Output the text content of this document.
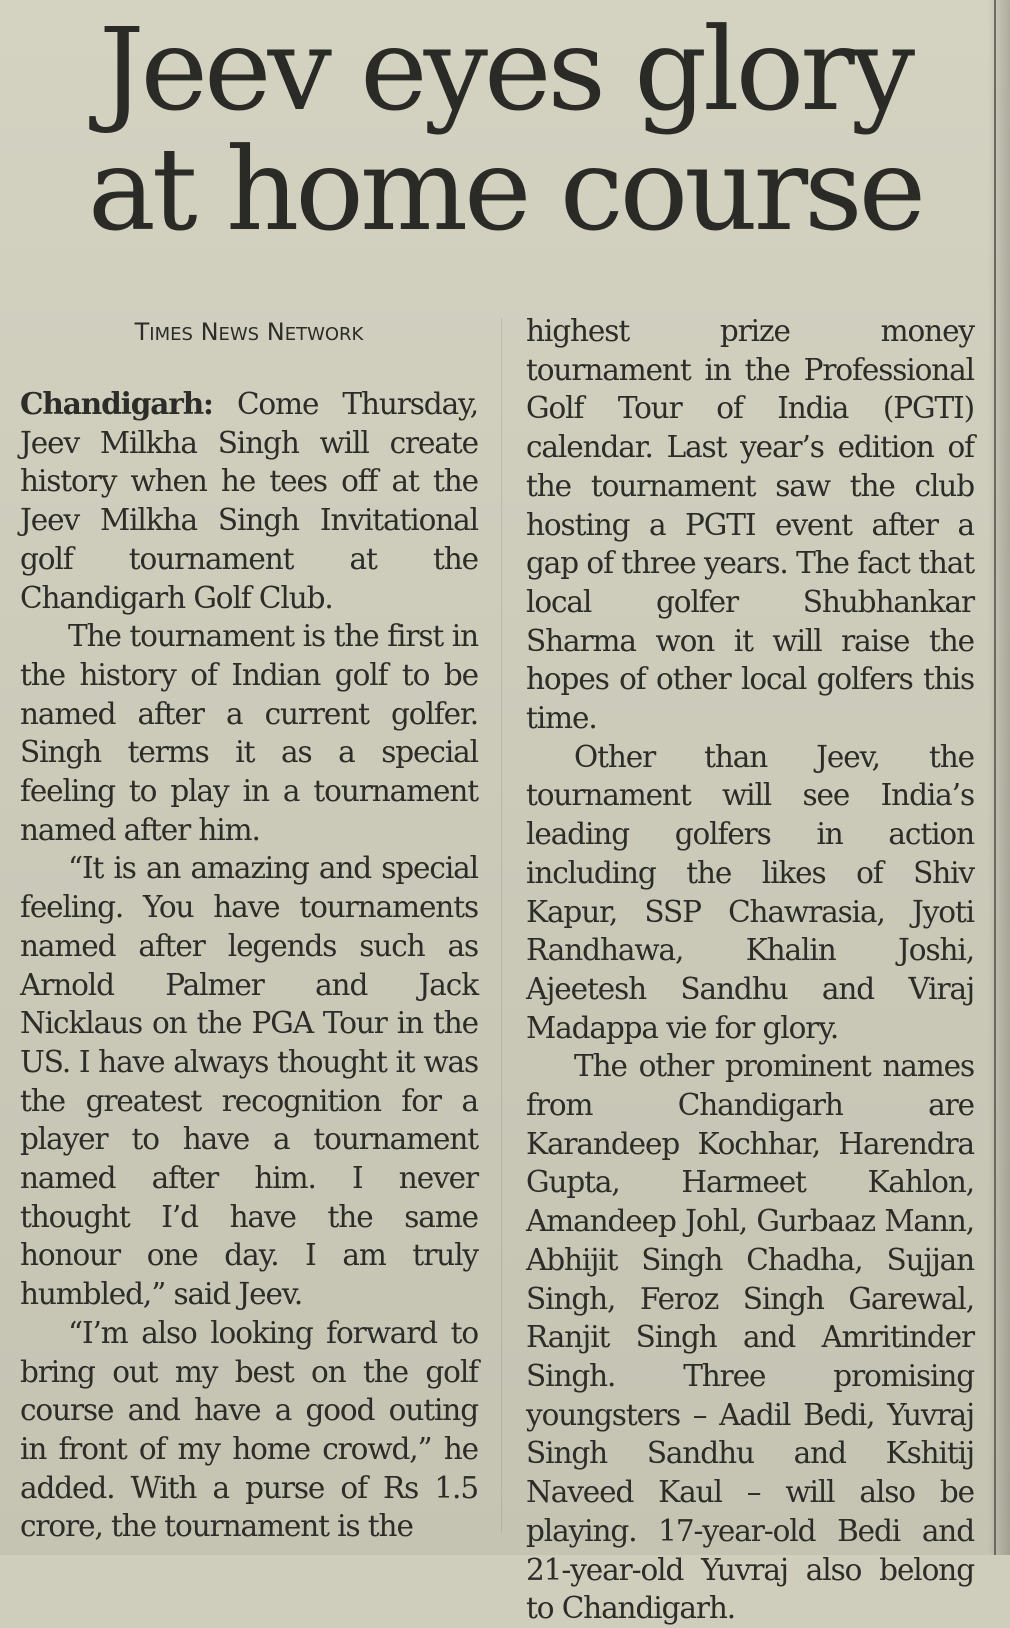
Jeev eyes glory at home course
TIMES NEWS NETWORK

Chandigarh: Come Thursday, Jeev Milkha Singh will create history when he tees off at the Jeev Milkha Singh Invitational golf tournament at the Chandigarh Golf Club.

The tournament is the first in the history of Indian golf to be named after a current golfer. Singh terms it as a special feeling to play in a tournament named after him.

“It is an amazing and special feeling. You have tournaments named after legends such as Arnold Palmer and Jack Nicklaus on the PGA Tour in the US. I have always thought it was the greatest recognition for a player to have a tournament named after him. I never thought I’d have the same honour one day. I am truly humbled,” said Jeev.

“I’m also looking forward to bring out my best on the golf course and have a good outing in front of my home crowd,” he added. With a purse of Rs 1.5 crore, the tournament is the

highest prize money tournament in the Professional Golf Tour of India (PGTI) calendar. Last year’s edition of the tournament saw the club hosting a PGTI event after a gap of three years. The fact that local golfer Shubhankar Sharma won it will raise the hopes of other local golfers this time.

Other than Jeev, the tournament will see India’s leading golfers in action including the likes of Shiv Kapur, SSP Chawrasia, Jyoti Randhawa, Khalin Joshi, Ajeetesh Sandhu and Viraj Madappa vie for glory.

The other prominent names from Chandigarh are Karandeep Kochhar, Harendra Gupta, Harmeet Kahlon, Amandeep Johl, Gurbaaz Mann, Abhijit Singh Chadha, Sujjan Singh, Feroz Singh Garewal, Ranjit Singh and Amritinder Singh. Three promising youngsters – Aadil Bedi, Yuvraj Singh Sandhu and Kshitij Naveed Kaul – will also be playing. 17-year-old Bedi and 21-year-old Yuvraj also belong to Chandigarh.
